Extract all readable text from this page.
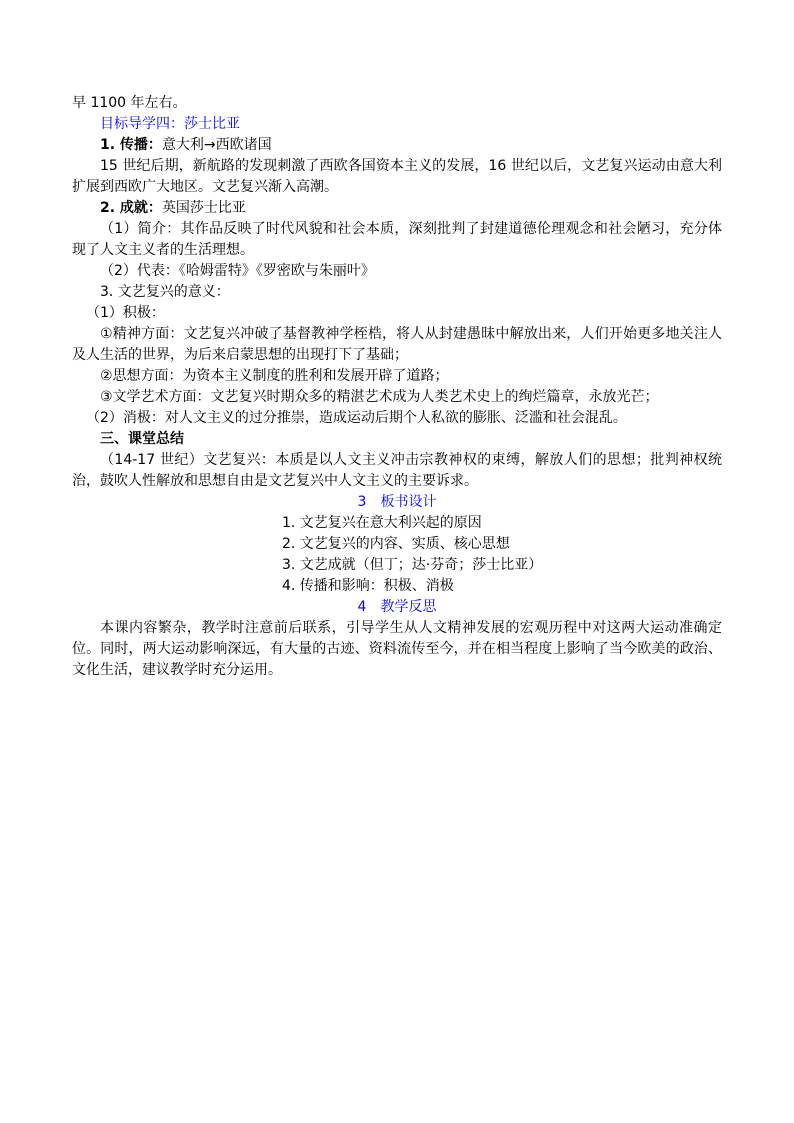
早 1100 年左右。
目标导学四：莎士比亚
1. 传播：意大利→西欧诸国
15 世纪后期，新航路的发现刺激了西欧各国资本主义的发展，16 世纪以后，文艺复兴运动由意大利扩展到西欧广大地区。文艺复兴渐入高潮。
2. 成就：英国莎士比亚
（1）简介：其作品反映了时代风貌和社会本质，深刻批判了封建道德伦理观念和社会陋习，充分体现了人文主义者的生活理想。
（2）代表：《哈姆雷特》《罗密欧与朱丽叶》
3. 文艺复兴的意义：
（1）积极：
①精神方面：文艺复兴冲破了基督教神学桎梏，将人从封建愚昧中解放出来，人们开始更多地关注人及人生活的世界，为后来启蒙思想的出现打下了基础；
②思想方面：为资本主义制度的胜利和发展开辟了道路；
③文学艺术方面：文艺复兴时期众多的精湛艺术成为人类艺术史上的绚烂篇章，永放光芒；
（2）消极：对人文主义的过分推崇，造成运动后期个人私欲的膨胀、泛滥和社会混乱。
三、课堂总结
（14-17 世纪）文艺复兴：本质是以人文主义冲击宗教神权的束缚，解放人们的思想；批判神权统治，鼓吹人性解放和思想自由是文艺复兴中人文主义的主要诉求。
3　板书设计
1. 文艺复兴在意大利兴起的原因
2. 文艺复兴的内容、实质、核心思想
3. 文艺成就（但丁；达·芬奇；莎士比亚）
4. 传播和影响：积极、消极
4　教学反思
本课内容繁杂，教学时注意前后联系，引导学生从人文精神发展的宏观历程中对这两大运动准确定位。同时，两大运动影响深远，有大量的古迹、资料流传至今，并在相当程度上影响了当今欧美的政治、文化生活，建议教学时充分运用。
